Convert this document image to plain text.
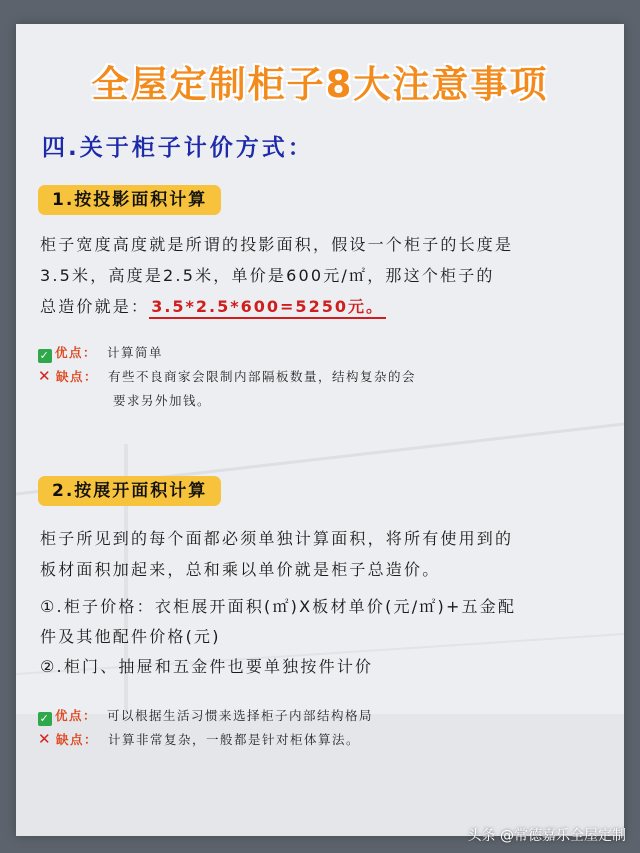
全屋定制柜子8大注意事项
四.关于柜子计价方式：
1.按投影面积计算
柜子宽度高度就是所谓的投影面积，假设一个柜子的长度是
3.5米，高度是2.5米，单价是600元/㎡，那这个柜子的
总造价就是： 3.5*2.5*600=5250元。
✓ 优点： 计算简单
✕ 缺点： 有些不良商家会限制内部隔板数量，结构复杂的会
要求另外加钱。
2.按展开面积计算
柜子所见到的每个面都必须单独计算面积，将所有使用到的
板材面积加起来，总和乘以单价就是柜子总造价。
①.柜子价格：衣柜展开面积(㎡)X板材单价(元/㎡)+五金配
件及其他配件价格(元)
②.柜门、抽屉和五金件也要单独按件计价
✓ 优点： 可以根据生活习惯来选择柜子内部结构格局
✕ 缺点： 计算非常复杂，一般都是针对柜体算法。
头条 @常德嘉乐全屋定制
